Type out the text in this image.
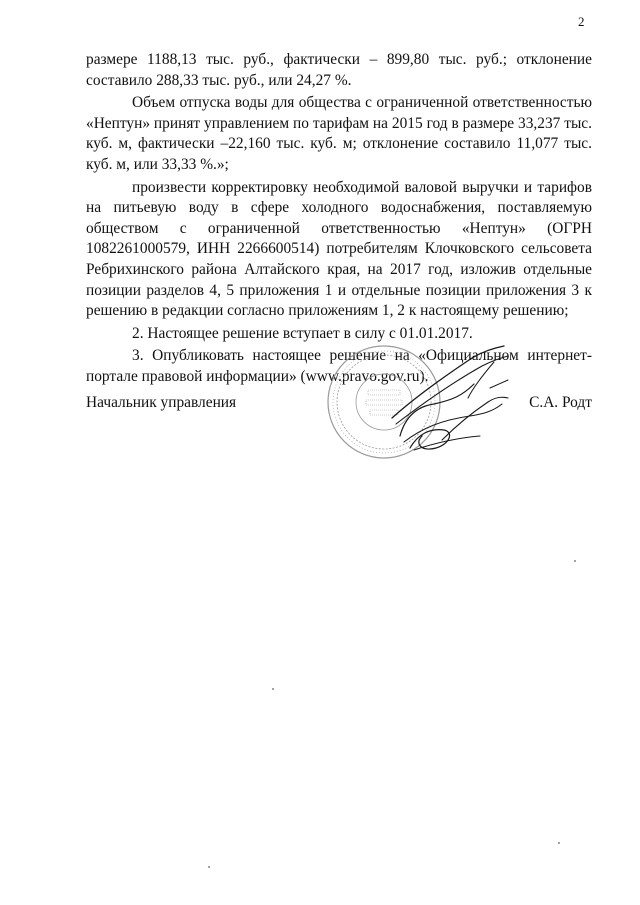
2

размере 1188,13 тыс. руб., фактически – 899,80 тыс. руб.; отклонение составило 288,33 тыс. руб., или 24,27 %.

Объем отпуска воды для общества с ограниченной ответственностью «Нептун» принят управлением по тарифам на 2015 год в размере 33,237 тыс. куб. м, фактически –22,160 тыс. куб. м; отклонение составило 11,077 тыс. куб. м, или 33,33 %.»;

произвести корректировку необходимой валовой выручки и тарифов на питьевую воду в сфере холодного водоснабжения, поставляемую обществом с ограниченной ответственностью «Нептун» (ОГРН 1082261000579, ИНН 2266600514) потребителям Клочковского сельсовета Ребрихинского района Алтайского края, на 2017 год, изложив отдельные позиции разделов 4, 5 приложения 1 и отдельные позиции приложения 3 к решению в редакции согласно приложениям 1, 2 к настоящему решению;

2. Настоящее решение вступает в силу с 01.01.2017.

3. Опубликовать настоящее решение на «Официальном интернет-портале правовой информации» (www.pravo.gov.ru).

Начальник управления	С.А. Родт
